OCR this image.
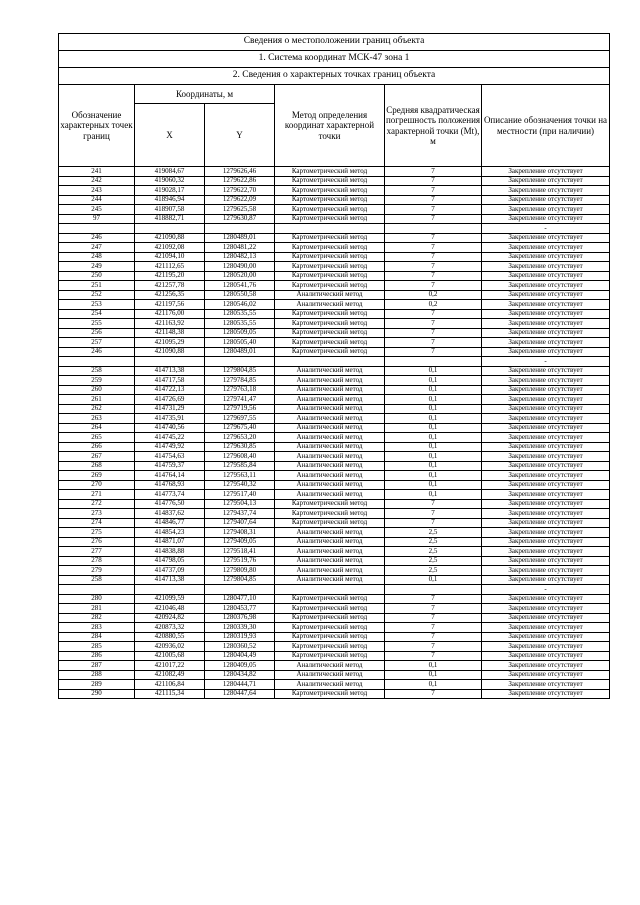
Сведения о местоположении границ объекта					
1. Система координат МСК-47 зона 1					
2. Сведения о характерных точках границ объекта					
Обозначение характерных точек границ	Координаты, м		Метод определения координат характерной точки	Средняя квадратическая погрешность положения характерной точки (Mt), м	Описание обозначения точки на местности (при наличии)
	X	Y			
241	419084,67	1279626,46	Картометрический метод	7	Закрепление отсутствует
242	419060,32	1279622,86	Картометрический метод	7	Закрепление отсутствует
243	419028,17	1279622,70	Картометрический метод	7	Закрепление отсутствует
244	418946,94	1279622,09	Картометрический метод	7	Закрепление отсутствует
245	418907,58	1279625,58	Картометрический метод	7	Закрепление отсутствует
97	418882,71	1279630,87	Картометрический метод	7	Закрепление отсутствует
					-
246	421090,88	1280489,01	Картометрический метод	7	Закрепление отсутствует
247	421092,08	1280481,22	Картометрический метод	7	Закрепление отсутствует
248	421094,10	1280482,13	Картометрический метод	7	Закрепление отсутствует
249	421112,65	1280490,00	Картометрический метод	7	Закрепление отсутствует
250	421195,20	1280520,00	Картометрический метод	7	Закрепление отсутствует
251	421257,78	1280541,76	Картометрический метод	7	Закрепление отсутствует
252	421256,35	1280550,58	Аналитический метод	0,2	Закрепление отсутствует
253	421197,56	1280546,02	Аналитический метод	0,2	Закрепление отсутствует
254	421176,00	1280535,55	Картометрический метод	7	Закрепление отсутствует
255	421163,92	1280535,55	Картометрический метод	7	Закрепление отсутствует
256	421148,38	1280509,05	Картометрический метод	7	Закрепление отсутствует
257	421095,29	1280505,40	Картометрический метод	7	Закрепление отсутствует
246	421090,88	1280489,01	Картометрический метод	7	Закрепление отсутствует
					-
258	414713,38	1279804,85	Аналитический метод	0,1	Закрепление отсутствует
259	414717,58	1279784,85	Аналитический метод	0,1	Закрепление отсутствует
260	414722,13	1279763,18	Аналитический метод	0,1	Закрепление отсутствует
261	414726,69	1279741,47	Аналитический метод	0,1	Закрепление отсутствует
262	414731,29	1279719,56	Аналитический метод	0,1	Закрепление отсутствует
263	414735,91	1279697,55	Аналитический метод	0,1	Закрепление отсутствует
264	414740,56	1279675,40	Аналитический метод	0,1	Закрепление отсутствует
265	414745,22	1279653,20	Аналитический метод	0,1	Закрепление отсутствует
266	414749,92	1279630,85	Аналитический метод	0,1	Закрепление отсутствует
267	414754,63	1279608,40	Аналитический метод	0,1	Закрепление отсутствует
268	414759,37	1279585,84	Аналитический метод	0,1	Закрепление отсутствует
269	414764,14	1279563,11	Аналитический метод	0,1	Закрепление отсутствует
270	414768,93	1279540,32	Аналитический метод	0,1	Закрепление отсутствует
271	414773,74	1279517,40	Аналитический метод	0,1	Закрепление отсутствует
272	414776,50	1279504,13	Картометрический метод	7	Закрепление отсутствует
273	414837,62	1279437,74	Картометрический метод	7	Закрепление отсутствует
274	414846,77	1279407,64	Картометрический метод	7	Закрепление отсутствует
275	414854,23	1279408,31	Аналитический метод	2,5	Закрепление отсутствует
276	414871,07	1279409,05	Аналитический метод	2,5	Закрепление отсутствует
277	414838,88	1279518,41	Аналитический метод	2,5	Закрепление отсутствует
278	414798,05	1279519,76	Аналитический метод	2,5	Закрепление отсутствует
279	414737,09	1279809,80	Аналитический метод	2,5	Закрепление отсутствует
258	414713,38	1279804,85	Аналитический метод	0,1	Закрепление отсутствует
					-
280	421099,59	1280477,10	Картометрический метод	7	Закрепление отсутствует
281	421046,48	1280453,77	Картометрический метод	7	Закрепление отсутствует
282	420924,82	1280376,98	Картометрический метод	7	Закрепление отсутствует
283	420873,32	1280339,30	Картометрический метод	7	Закрепление отсутствует
284	420880,55	1280319,93	Картометрический метод	7	Закрепление отсутствует
285	420936,02	1280360,52	Картометрический метод	7	Закрепление отсутствует
286	421005,68	1280404,49	Картометрический метод	7	Закрепление отсутствует
287	421017,22	1280409,05	Аналитический метод	0,1	Закрепление отсутствует
288	421082,49	1280434,82	Аналитический метод	0,1	Закрепление отсутствует
289	421106,84	1280444,71	Аналитический метод	0,1	Закрепление отсутствует
290	421115,34	1280447,64	Картометрический метод	7	Закрепление отсутствует
